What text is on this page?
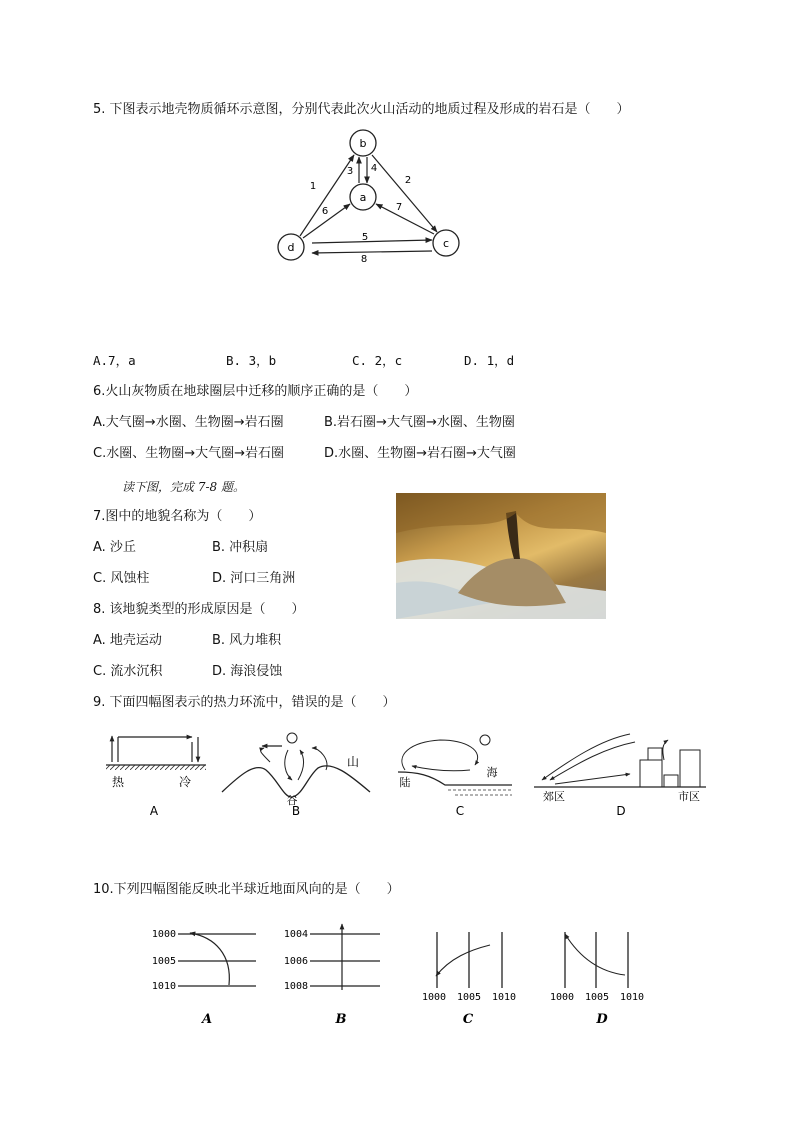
5. 下图表示地壳物质循环示意图，分别代表此次火山活动的地质过程及形成的岩石是（　　）
b
a
d	c
1
2
3 4
5
6	7
8
A.7，a	B. 3，b	C. 2，c	D. 1，d
6.火山灰物质在地球圈层中迁移的顺序正确的是（　　）
A.大气圈→水圈、生物圈→岩石圈	B.岩石圈→大气圈→水圈、生物圈
C.水圈、生物圈→大气圈→岩石圈	D.水圈、生物圈→岩石圈→大气圈
读下图，完成 7-8 题。
7.图中的地貌名称为（　　）
A. 沙丘	B. 冲积扇
C. 风蚀柱	D. 河口三角洲
8. 该地貌类型的形成原因是（　　）
A. 地壳运动	B. 风力堆积
C. 流水沉积	D. 海浪侵蚀
9. 下面四幅图表示的热力环流中，错误的是（　　）
热	冷
A
山
谷
B
陆
海
C
郊区	市区
D
10.下列四幅图能反映北半球近地面风向的是（　　）
1000
1005
1010
A
1004
1006
1008
B
1000 1005 1010
C
1000 1005 1010
D
